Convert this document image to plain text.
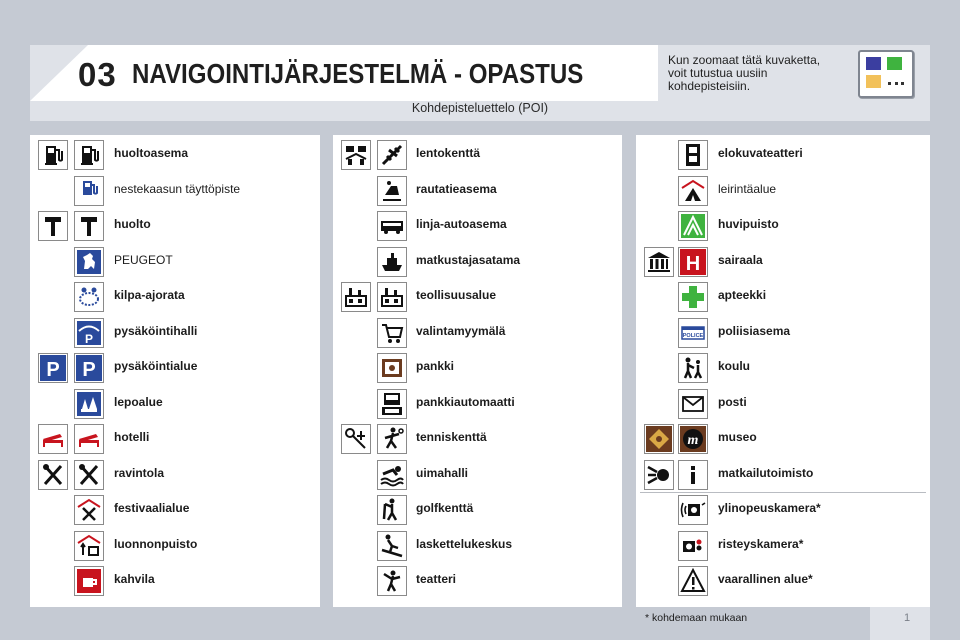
03 NAVIGOINTIJÄRJESTELMÄ - OPASTUS	Kun zoomaat tätä kuvaketta,
voit tutustua uusiin
kohdepisteisiin.
Kohdepisteluettelo (POI)
huoltoasema
nestekaasun täyttöpiste
huolto
PEUGEOT
kilpa-ajorata
P
pysäköintihalli
P P pysäköintialue
lepoalue
hotelli
ravintola
festivaalialue
luonnonpuisto
kahvila
lentokenttä
rautatieasema
linja-autoasema
matkustajasatama
teollisuusalue
valintamyymälä
pankki
pankkiautomaatti
tenniskenttä
uimahalli
golfkenttä
laskettelukeskus
teatteri
elokuvateatteri
leirintäalue
huvipuisto
H sairaala
apteekki
POLICE poliisiasema
koulu
posti
m museo
matkailutoimisto
ylinopeuskamera*
risteyskamera*
vaarallinen alue*
1
* kohdemaan mukaan
